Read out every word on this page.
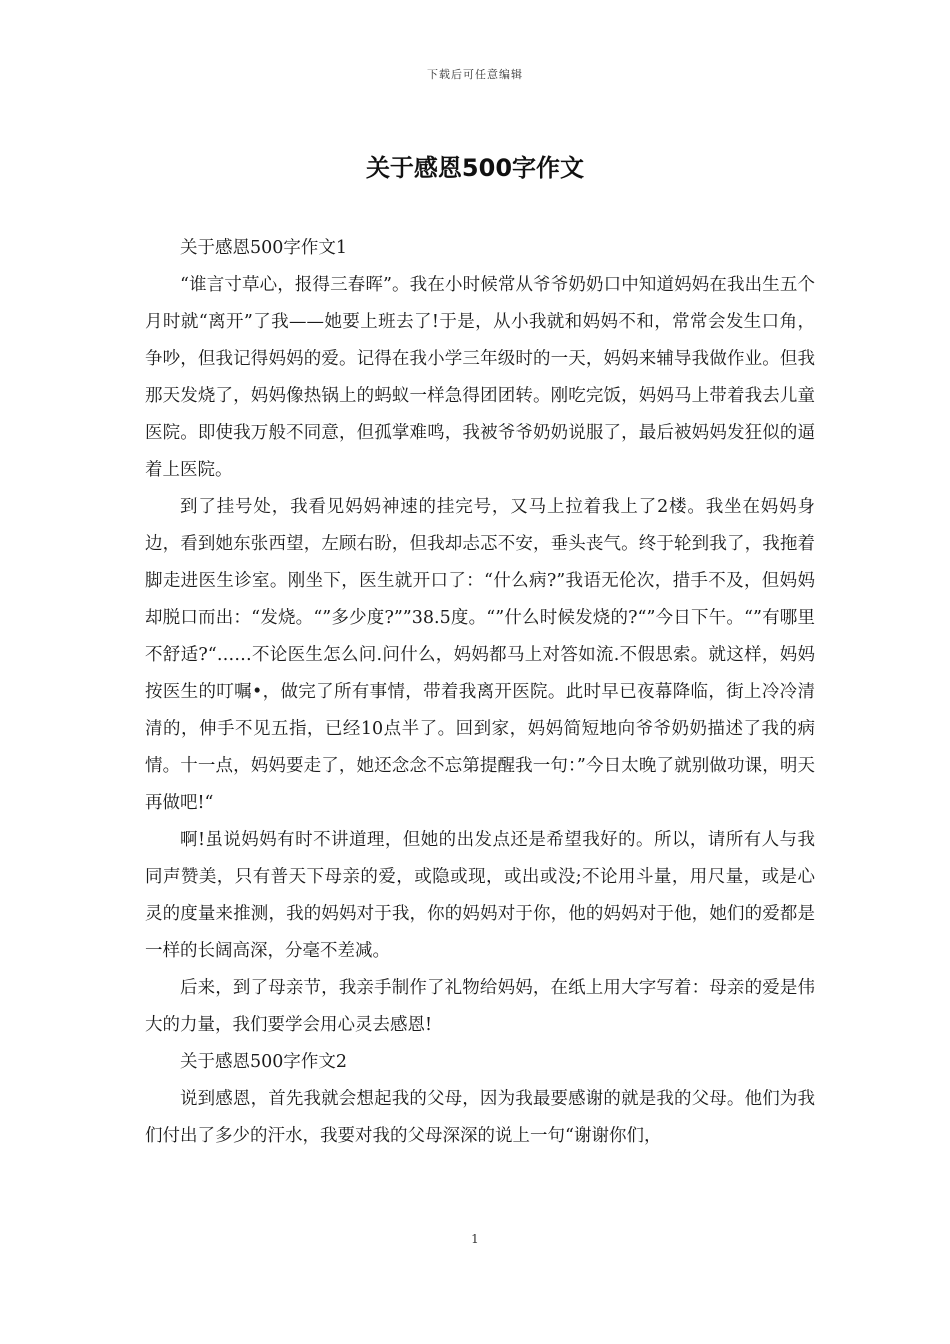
下载后可任意编辑
关于感恩500字作文

关于感恩500字作文1

“谁言寸草心，报得三春晖”。我在小时候常从爷爷奶奶口中知道妈妈在我出生五个月时就“离开”了我——她要上班去了!于是，从小我就和妈妈不和，常常会发生口角，争吵，但我记得妈妈的爱。记得在我小学三年级时的一天，妈妈来辅导我做作业。但我那天发烧了，妈妈像热锅上的蚂蚁一样急得团团转。刚吃完饭，妈妈马上带着我去儿童医院。即使我万般不同意，但孤掌难鸣，我被爷爷奶奶说服了，最后被妈妈发狂似的逼着上医院。

到了挂号处，我看见妈妈神速的挂完号，又马上拉着我上了2楼。我坐在妈妈身边，看到她东张西望，左顾右盼，但我却忐忑不安，垂头丧气。终于轮到我了，我拖着脚走进医生诊室。刚坐下，医生就开口了：“什么病?”我语无伦次，措手不及，但妈妈却脱口而出：“发烧。“”多少度?””38.5度。“”什么时候发烧的?“”今日下午。“”有哪里不舒适?“……不论医生怎么问.问什么，妈妈都马上对答如流.不假思索。就这样，妈妈按医生的叮嘱•，做完了所有事情，带着我离开医院。此时早已夜幕降临，街上冷冷清清的，伸手不见五指，已经10点半了。回到家，妈妈简短地向爷爷奶奶描述了我的病情。十一点，妈妈要走了，她还念念不忘第提醒我一句：”今日太晚了就别做功课，明天再做吧!“

啊!虽说妈妈有时不讲道理，但她的出发点还是希望我好的。所以，请所有人与我同声赞美，只有普天下母亲的爱，或隐或现，或出或没;不论用斗量，用尺量，或是心灵的度量来推测，我的妈妈对于我，你的妈妈对于你，他的妈妈对于他，她们的爱都是一样的长阔高深，分毫不差减。

后来，到了母亲节，我亲手制作了礼物给妈妈，在纸上用大字写着：母亲的爱是伟大的力量，我们要学会用心灵去感恩!

关于感恩500字作文2

说到感恩，首先我就会想起我的父母，因为我最要感谢的就是我的父母。他们为我们付出了多少的汗水，我要对我的父母深深的说上一句“谢谢你们，

1
